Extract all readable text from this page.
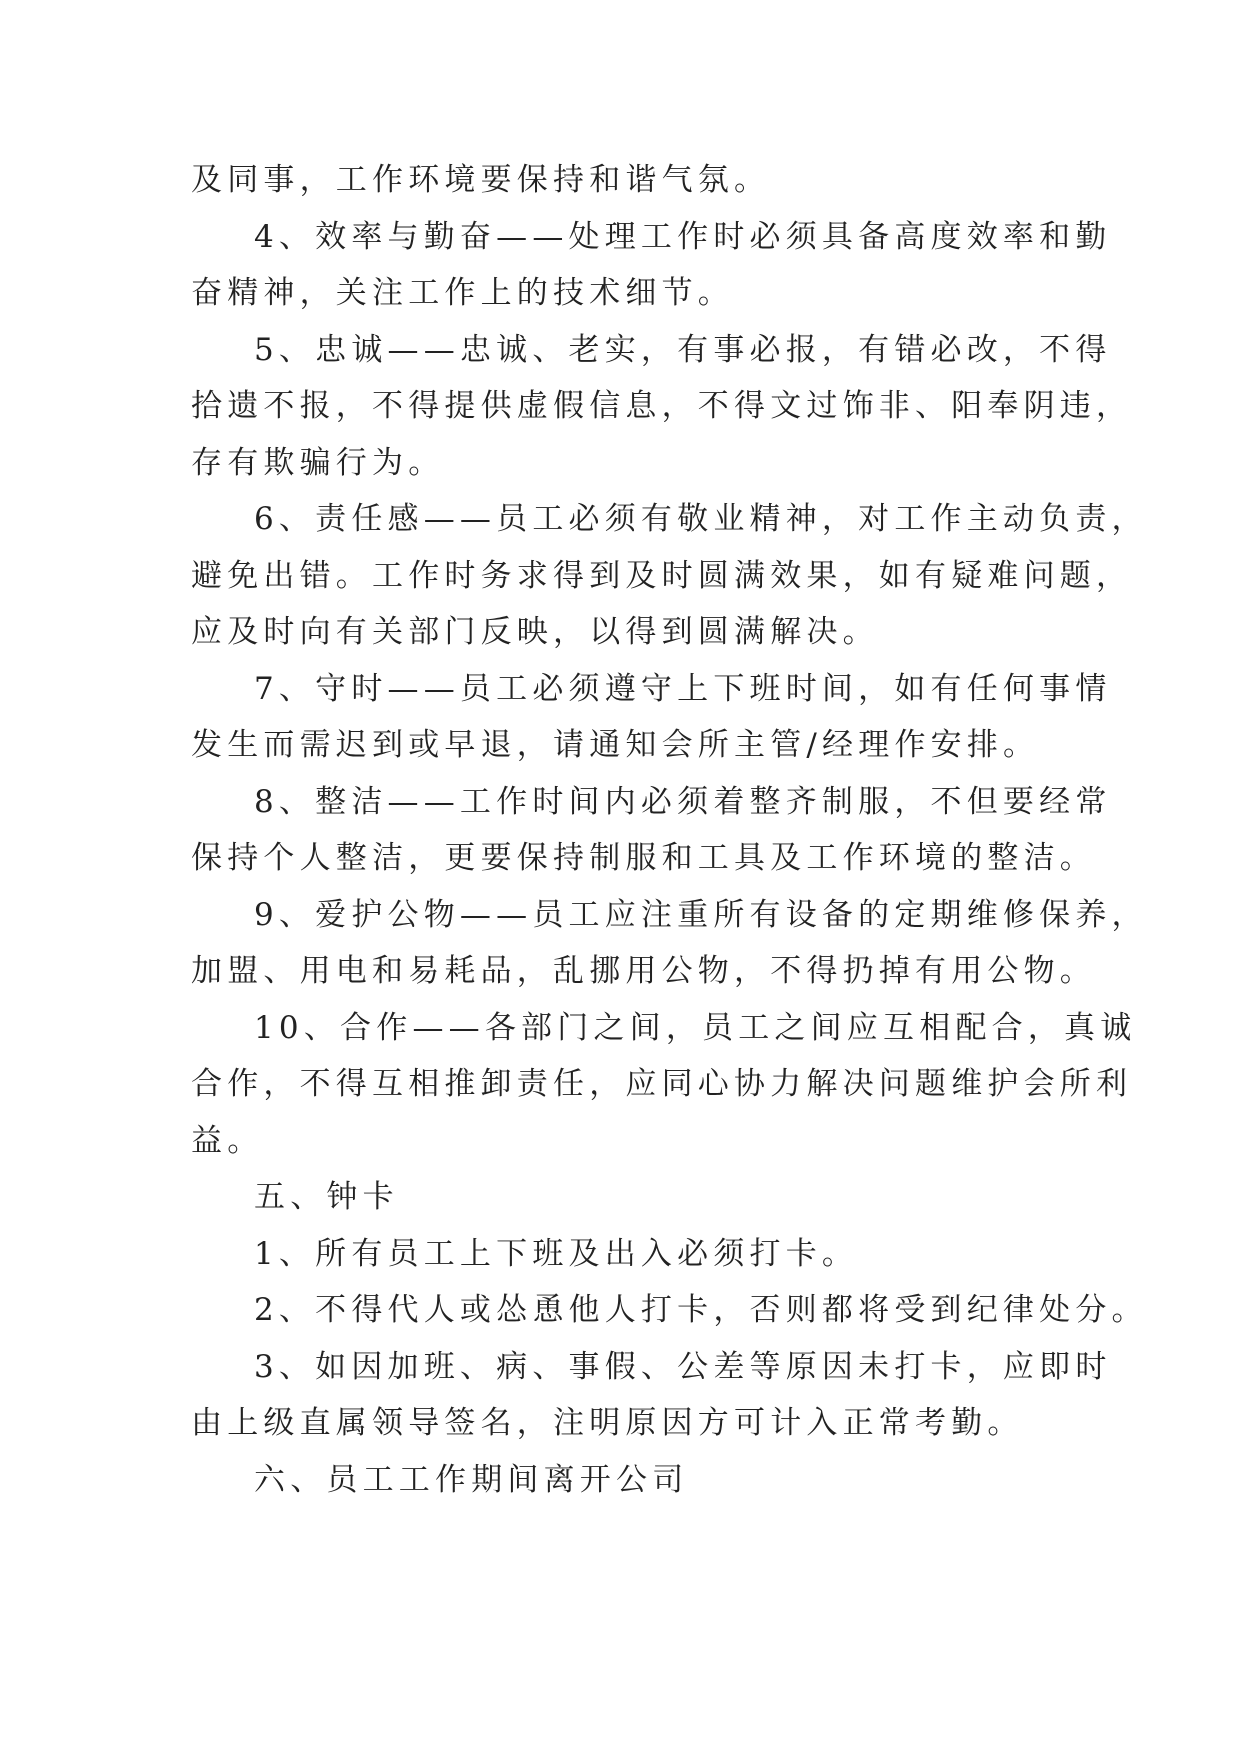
及同事，工作环境要保持和谐气氛。

4、效率与勤奋——处理工作时必须具备高度效率和勤
奋精神，关注工作上的技术细节。

5、忠诚——忠诚、老实，有事必报，有错必改，不得
拾遗不报，不得提供虚假信息，不得文过饰非、阳奉阴违，
存有欺骗行为。

6、责任感——员工必须有敬业精神，对工作主动负责，
避免出错。工作时务求得到及时圆满效果，如有疑难问题，
应及时向有关部门反映，以得到圆满解决。

7、守时——员工必须遵守上下班时间，如有任何事情
发生而需迟到或早退，请通知会所主管/经理作安排。

8、整洁——工作时间内必须着整齐制服，不但要经常
保持个人整洁，更要保持制服和工具及工作环境的整洁。

9、爱护公物——员工应注重所有设备的定期维修保养，
加盟、用电和易耗品，乱挪用公物，不得扔掉有用公物。

10、合作——各部门之间，员工之间应互相配合，真诚
合作，不得互相推卸责任，应同心协力解决问题维护会所利
益。

五、钟卡

1、所有员工上下班及出入必须打卡。

2、不得代人或怂恿他人打卡，否则都将受到纪律处分。

3、如因加班、病、事假、公差等原因未打卡，应即时
由上级直属领导签名，注明原因方可计入正常考勤。

六、员工工作期间离开公司
